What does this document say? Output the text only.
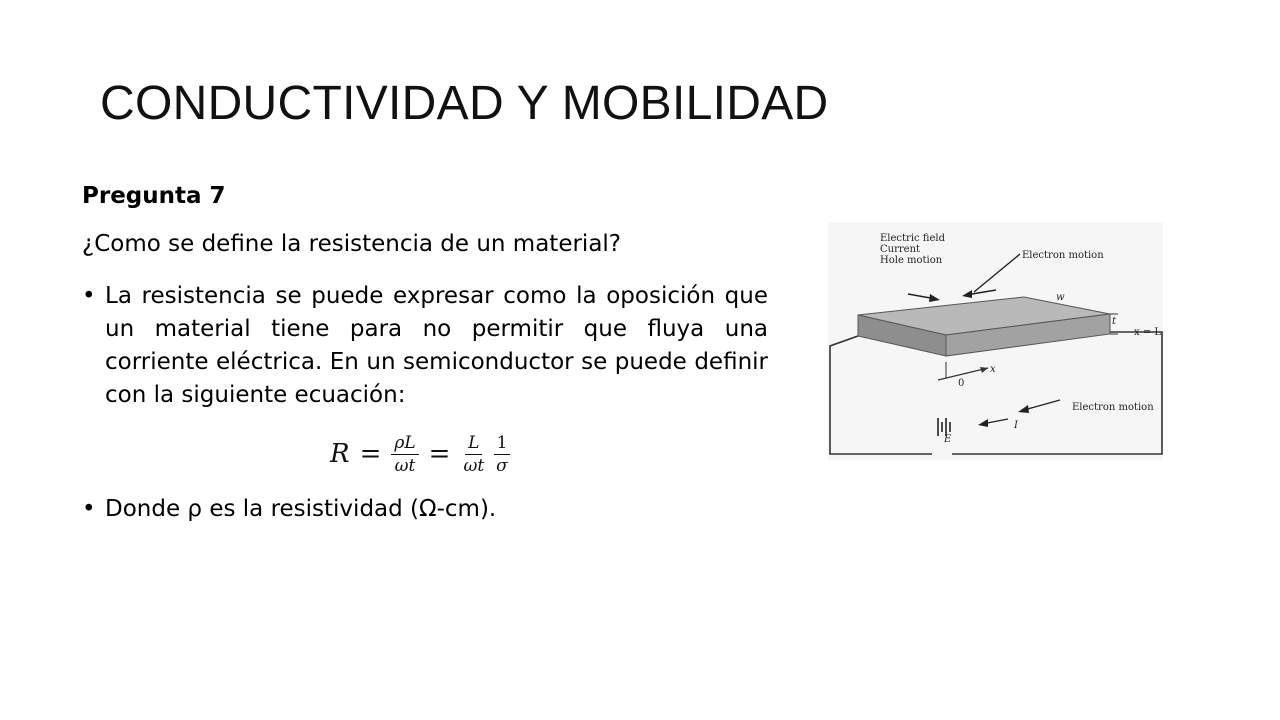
CONDUCTIVIDAD Y MOBILIDAD
Pregunta 7
¿Como se define la resistencia de un material?
• La resistencia se puede expresar como la oposición que un material tiene para no permitir que fluya una corriente eléctrica. En un semiconductor se puede definir con la siguiente ecuación:
$R = \frac{\rho L}{\omega t} = \frac{L}{\omega t} \frac{1}{\sigma}$
• Donde ρ es la resistividad (Ω-cm).
Electric field
Current
Hole motion	Electron motion
w
t
x = L
0
x
Electron motion
E
I
